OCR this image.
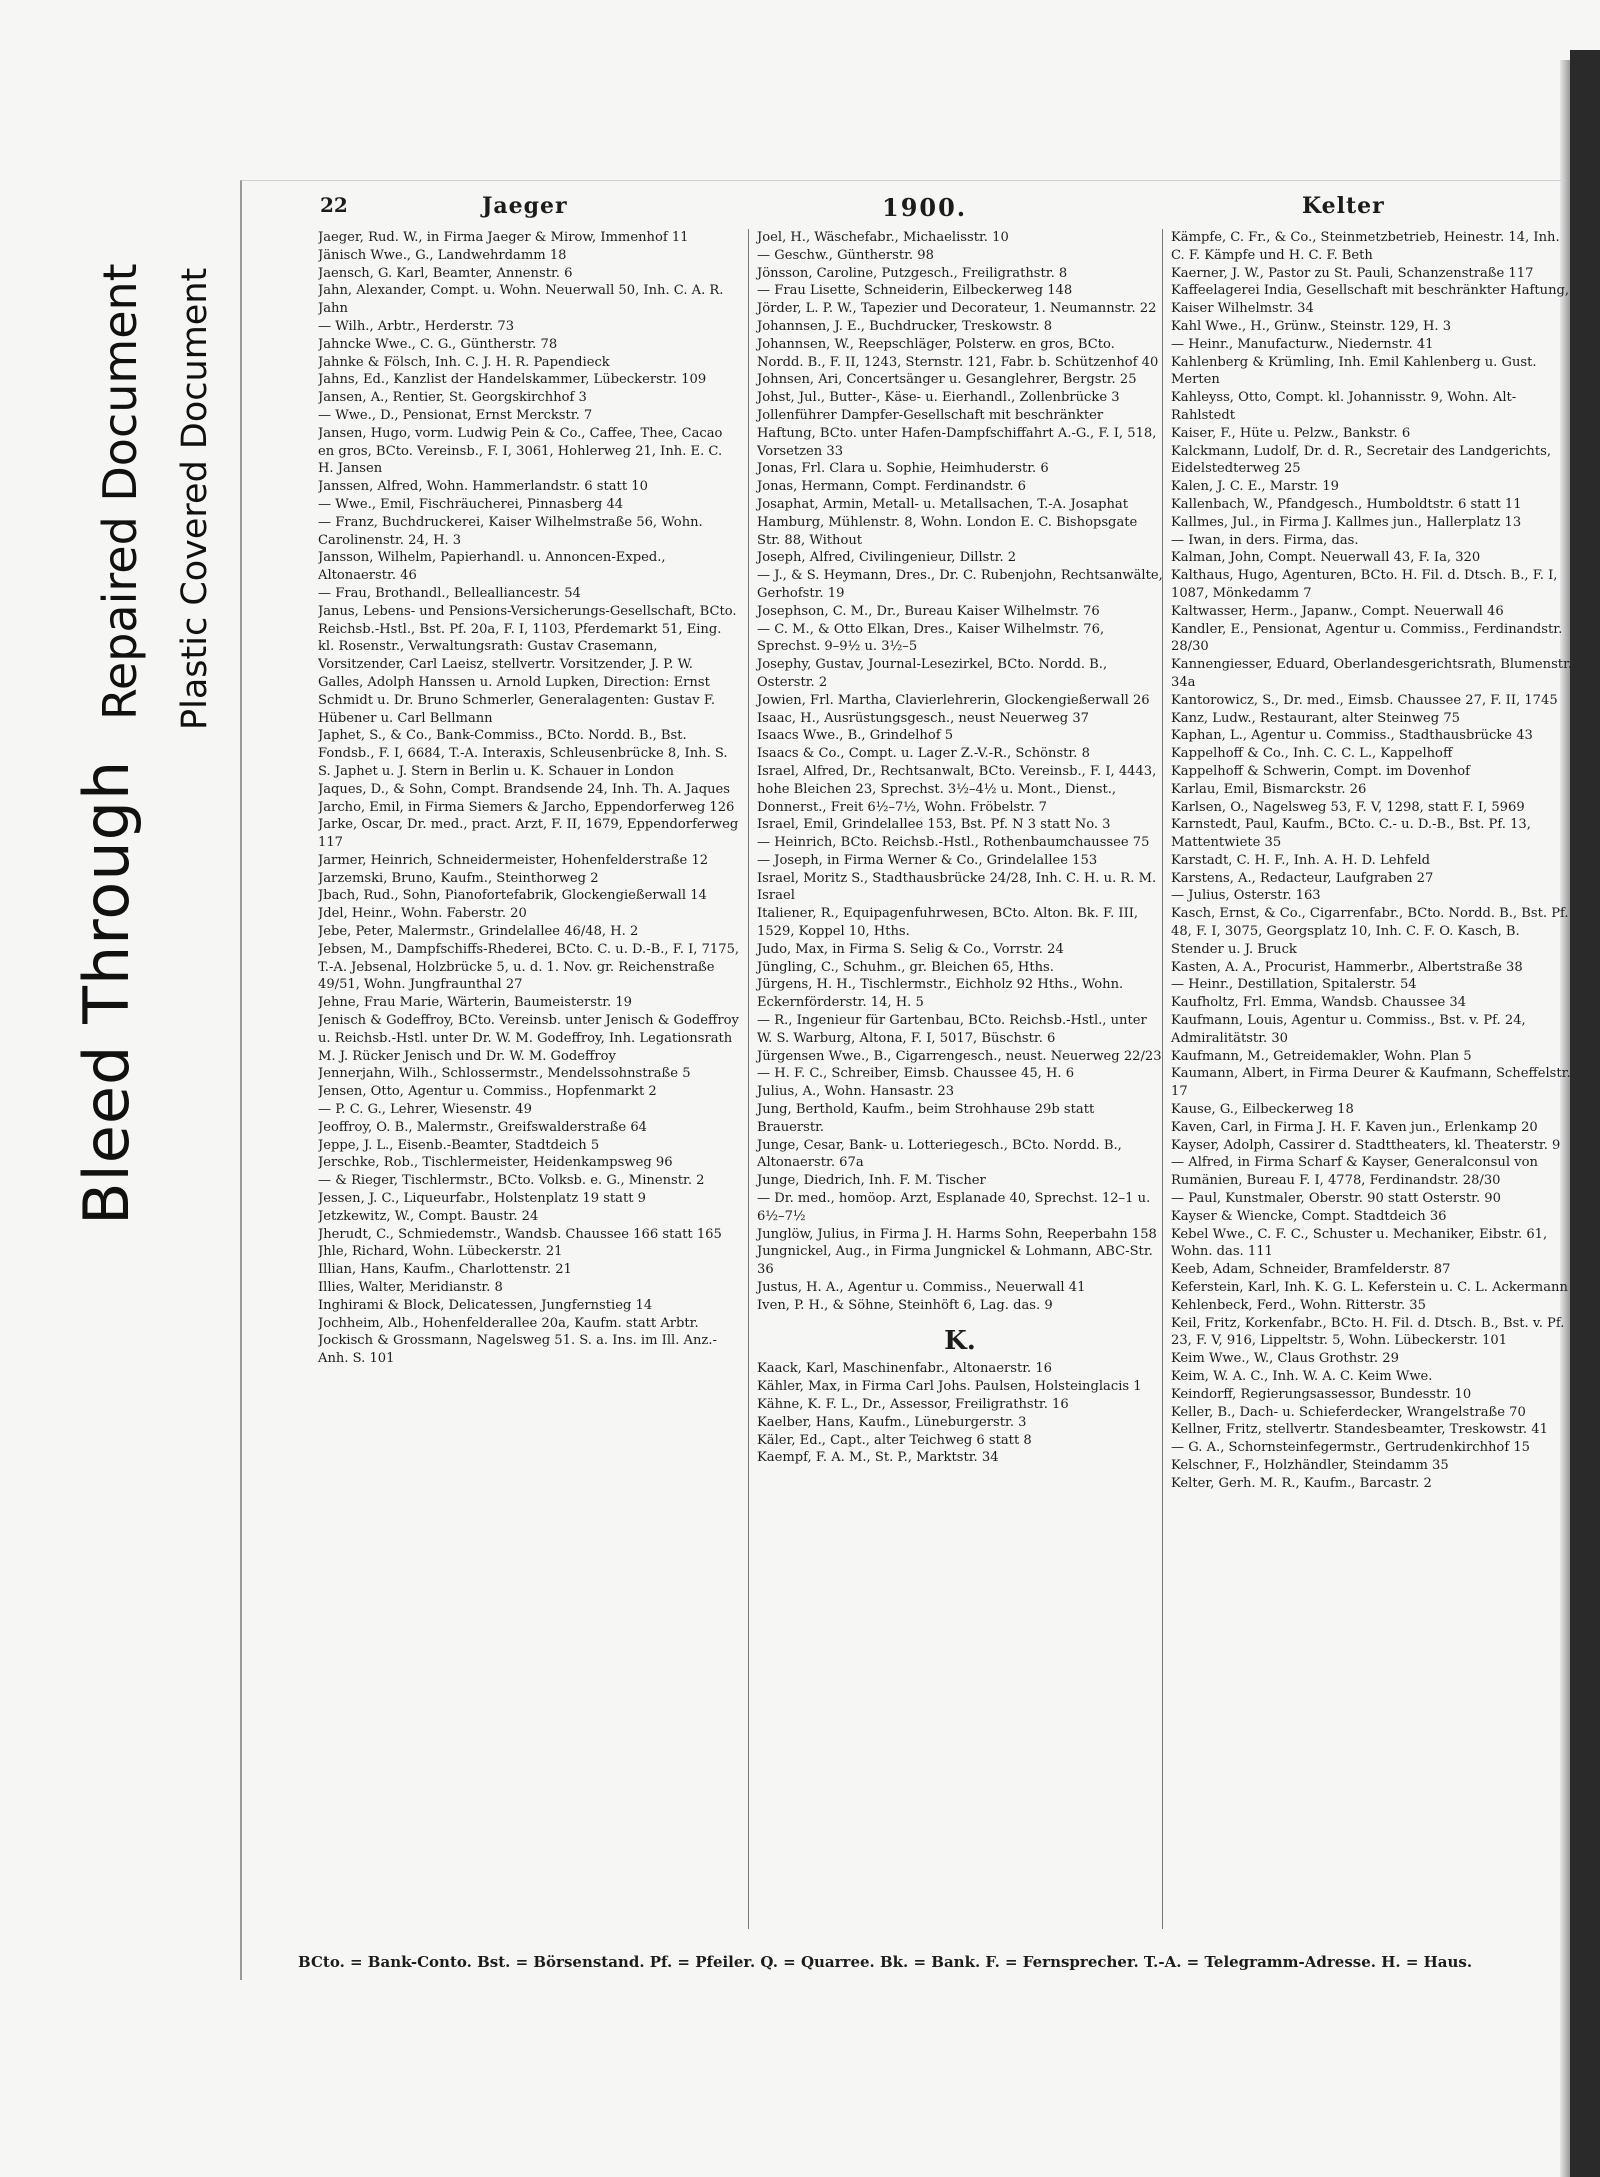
Bleed Through
Repaired Document Plastic Covered Document
22	Jaeger	1900.	Kelter

Jaeger, Rud. W., in Firma Jaeger & Mirow, Immenhof 11

Jänisch Wwe., G., Landwehrdamm 18

Jaensch, G. Karl, Beamter, Annenstr. 6

Jahn, Alexander, Compt. u. Wohn. Neuerwall 50, Inh. C. A. R. Jahn

— Wilh., Arbtr., Herderstr. 73

Jahncke Wwe., C. G., Güntherstr. 78

Jahnke & Fölsch, Inh. C. J. H. R. Papendieck

Jahns, Ed., Kanzlist der Handelskammer, Lübeckerstr. 109

Jansen, A., Rentier, St. Georgskirchhof 3

— Wwe., D., Pensionat, Ernst Merckstr. 7

Jansen, Hugo, vorm. Ludwig Pein & Co., Caffee, Thee, Cacao en gros, BCto. Vereinsb., F. I, 3061, Hohlerweg 21, Inh. E. C. H. Jansen

Janssen, Alfred, Wohn. Hammerlandstr. 6 statt 10

— Wwe., Emil, Fischräucherei, Pinnasberg 44

— Franz, Buchdruckerei, Kaiser Wilhelmstraße 56, Wohn. Carolinenstr. 24, H. 3

Jansson, Wilhelm, Papierhandl. u. Annoncen-Exped., Altonaerstr. 46

— Frau, Brothandl., Bellealliancestr. 54

Janus, Lebens- und Pensions-Versicherungs-Gesellschaft, BCto. Reichsb.-Hstl., Bst. Pf. 20a, F. I, 1103, Pferdemarkt 51, Eing. kl. Rosenstr., Verwaltungsrath: Gustav Crasemann, Vorsitzender, Carl Laeisz, stellvertr. Vorsitzender, J. P. W. Galles, Adolph Hanssen u. Arnold Lupken, Direction: Ernst Schmidt u. Dr. Bruno Schmerler, Generalagenten: Gustav F. Hübener u. Carl Bellmann

Japhet, S., & Co., Bank-Commiss., BCto. Nordd. B., Bst. Fondsb., F. I, 6684, T.-A. Interaxis, Schleusenbrücke 8, Inh. S. S. Japhet u. J. Stern in Berlin u. K. Schauer in London

Jaques, D., & Sohn, Compt. Brandsende 24, Inh. Th. A. Jaques

Jarcho, Emil, in Firma Siemers & Jarcho, Eppendorferweg 126

Jarke, Oscar, Dr. med., pract. Arzt, F. II, 1679, Eppendorferweg 117

Jarmer, Heinrich, Schneidermeister, Hohenfelderstraße 12

Jarzemski, Bruno, Kaufm., Steinthorweg 2

Jbach, Rud., Sohn, Pianofortefabrik, Glockengießerwall 14

Jdel, Heinr., Wohn. Faberstr. 20

Jebe, Peter, Malermstr., Grindelallee 46/48, H. 2

Jebsen, M., Dampfschiffs-Rhederei, BCto. C. u. D.-B., F. I, 7175, T.-A. Jebsenal, Holzbrücke 5, u. d. 1. Nov. gr. Reichenstraße 49/51, Wohn. Jungfraunthal 27

Jehne, Frau Marie, Wärterin, Baumeisterstr. 19

Jenisch & Godeffroy, BCto. Vereinsb. unter Jenisch & Godeffroy u. Reichsb.-Hstl. unter Dr. W. M. Godeffroy, Inh. Legationsrath M. J. Rücker Jenisch und Dr. W. M. Godeffroy

Jennerjahn, Wilh., Schlossermstr., Mendelssohnstraße 5

Jensen, Otto, Agentur u. Commiss., Hopfenmarkt 2

— P. C. G., Lehrer, Wiesenstr. 49

Jeoffroy, O. B., Malermstr., Greifswalderstraße 64

Jeppe, J. L., Eisenb.-Beamter, Stadtdeich 5

Jerschke, Rob., Tischlermeister, Heidenkampsweg 96

— & Rieger, Tischlermstr., BCto. Volksb. e. G., Minenstr. 2

Jessen, J. C., Liqueurfabr., Holstenplatz 19 statt 9

Jetzkewitz, W., Compt. Baustr. 24

Jherudt, C., Schmiedemstr., Wandsb. Chaussee 166 statt 165

Jhle, Richard, Wohn. Lübeckerstr. 21

Illian, Hans, Kaufm., Charlottenstr. 21

Illies, Walter, Meridianstr. 8

Inghirami & Block, Delicatessen, Jungfernstieg 14

Jochheim, Alb., Hohenfelderallee 20a, Kaufm. statt Arbtr.

Jockisch & Grossmann, Nagelsweg 51. S. a. Ins. im Ill. Anz.-Anh. S. 101

Joel, H., Wäschefabr., Michaelisstr. 10

— Geschw., Güntherstr. 98

Jönsson, Caroline, Putzgesch., Freiligrathstr. 8

— Frau Lisette, Schneiderin, Eilbeckerweg 148

Jörder, L. P. W., Tapezier und Decorateur, 1. Neumannstr. 22

Johannsen, J. E., Buchdrucker, Treskowstr. 8

Johannsen, W., Reepschläger, Polsterw. en gros, BCto. Nordd. B., F. II, 1243, Sternstr. 121, Fabr. b. Schützenhof 40

Johnsen, Ari, Concertsänger u. Gesanglehrer, Bergstr. 25

Johst, Jul., Butter-, Käse- u. Eierhandl., Zollenbrücke 3

Jollenführer Dampfer-Gesellschaft mit beschränkter Haftung, BCto. unter Hafen-Dampfschiffahrt A.-G., F. I, 518, Vorsetzen 33

Jonas, Frl. Clara u. Sophie, Heimhuderstr. 6

Jonas, Hermann, Compt. Ferdinandstr. 6

Josaphat, Armin, Metall- u. Metallsachen, T.-A. Josaphat Hamburg, Mühlenstr. 8, Wohn. London E. C. Bishopsgate Str. 88, Without

Joseph, Alfred, Civilingenieur, Dillstr. 2

— J., & S. Heymann, Dres., Dr. C. Rubenjohn, Rechtsanwälte, Gerhofstr. 19

Josephson, C. M., Dr., Bureau Kaiser Wilhelmstr. 76

— C. M., & Otto Elkan, Dres., Kaiser Wilhelmstr. 76, Sprechst. 9–9½ u. 3½–5

Josephy, Gustav, Journal-Lesezirkel, BCto. Nordd. B., Osterstr. 2

Jowien, Frl. Martha, Clavierlehrerin, Glockengießerwall 26

Isaac, H., Ausrüstungsgesch., neust Neuerweg 37

Isaacs Wwe., B., Grindelhof 5

Isaacs & Co., Compt. u. Lager Z.-V.-R., Schönstr. 8

Israel, Alfred, Dr., Rechtsanwalt, BCto. Vereinsb., F. I, 4443, hohe Bleichen 23, Sprechst. 3½–4½ u. Mont., Dienst., Donnerst., Freit 6½–7½, Wohn. Fröbelstr. 7

Israel, Emil, Grindelallee 153, Bst. Pf. N 3 statt No. 3

— Heinrich, BCto. Reichsb.-Hstl., Rothenbaumchaussee 75

— Joseph, in Firma Werner & Co., Grindelallee 153

Israel, Moritz S., Stadthausbrücke 24/28, Inh. C. H. u. R. M. Israel

Italiener, R., Equipagenfuhrwesen, BCto. Alton. Bk. F. III, 1529, Koppel 10, Hths.

Judo, Max, in Firma S. Selig & Co., Vorrstr. 24

Jüngling, C., Schuhm., gr. Bleichen 65, Hths.

Jürgens, H. H., Tischlermstr., Eichholz 92 Hths., Wohn. Eckernförderstr. 14, H. 5

— R., Ingenieur für Gartenbau, BCto. Reichsb.-Hstl., unter W. S. Warburg, Altona, F. I, 5017, Büschstr. 6

Jürgensen Wwe., B., Cigarrengesch., neust. Neuerweg 22/23

— H. F. C., Schreiber, Eimsb. Chaussee 45, H. 6

Julius, A., Wohn. Hansastr. 23

Jung, Berthold, Kaufm., beim Strohhause 29b statt Brauerstr.

Junge, Cesar, Bank- u. Lotteriegesch., BCto. Nordd. B., Altonaerstr. 67a

Junge, Diedrich, Inh. F. M. Tischer

— Dr. med., homöop. Arzt, Esplanade 40, Sprechst. 12–1 u. 6½–7½

Junglöw, Julius, in Firma J. H. Harms Sohn, Reeperbahn 158

Jungnickel, Aug., in Firma Jungnickel & Lohmann, ABC-Str. 36

Justus, H. A., Agentur u. Commiss., Neuerwall 41

Iven, P. H., & Söhne, Steinhöft 6, Lag. das. 9

K.

Kaack, Karl, Maschinenfabr., Altonaerstr. 16

Kähler, Max, in Firma Carl Johs. Paulsen, Holsteinglacis 1

Kähne, K. F. L., Dr., Assessor, Freiligrathstr. 16

Kaelber, Hans, Kaufm., Lüneburgerstr. 3

Käler, Ed., Capt., alter Teichweg 6 statt 8

Kaempf, F. A. M., St. P., Marktstr. 34

Kämpfe, C. Fr., & Co., Steinmetzbetrieb, Heinestr. 14, Inh. C. F. Kämpfe und H. C. F. Beth

Kaerner, J. W., Pastor zu St. Pauli, Schanzenstraße 117

Kaffeelagerei India, Gesellschaft mit beschränkter Haftung, Kaiser Wilhelmstr. 34

Kahl Wwe., H., Grünw., Steinstr. 129, H. 3

— Heinr., Manufacturw., Niedernstr. 41

Kahlenberg & Krümling, Inh. Emil Kahlenberg u. Gust. Merten

Kahleyss, Otto, Compt. kl. Johannisstr. 9, Wohn. Alt-Rahlstedt

Kaiser, F., Hüte u. Pelzw., Bankstr. 6

Kalckmann, Ludolf, Dr. d. R., Secretair des Landgerichts, Eidelstedterweg 25

Kalen, J. C. E., Marstr. 19

Kallenbach, W., Pfandgesch., Humboldtstr. 6 statt 11

Kallmes, Jul., in Firma J. Kallmes jun., Hallerplatz 13

— Iwan, in ders. Firma, das.

Kalman, John, Compt. Neuerwall 43, F. Ia, 320

Kalthaus, Hugo, Agenturen, BCto. H. Fil. d. Dtsch. B., F. I, 1087, Mönkedamm 7

Kaltwasser, Herm., Japanw., Compt. Neuerwall 46

Kandler, E., Pensionat, Agentur u. Commiss., Ferdinandstr. 28/30

Kannengiesser, Eduard, Oberlandesgerichtsrath, Blumenstr. 34a

Kantorowicz, S., Dr. med., Eimsb. Chaussee 27, F. II, 1745

Kanz, Ludw., Restaurant, alter Steinweg 75

Kaphan, L., Agentur u. Commiss., Stadthausbrücke 43

Kappelhoff & Co., Inh. C. C. L., Kappelhoff

Kappelhoff & Schwerin, Compt. im Dovenhof

Karlau, Emil, Bismarckstr. 26

Karlsen, O., Nagelsweg 53, F. V, 1298, statt F. I, 5969

Karnstedt, Paul, Kaufm., BCto. C.- u. D.-B., Bst. Pf. 13, Mattentwiete 35

Karstadt, C. H. F., Inh. A. H. D. Lehfeld

Karstens, A., Redacteur, Laufgraben 27

— Julius, Osterstr. 163

Kasch, Ernst, & Co., Cigarrenfabr., BCto. Nordd. B., Bst. Pf. 48, F. I, 3075, Georgsplatz 10, Inh. C. F. O. Kasch, B. Stender u. J. Bruck

Kasten, A. A., Procurist, Hammerbr., Albertstraße 38

— Heinr., Destillation, Spitalerstr. 54

Kaufholtz, Frl. Emma, Wandsb. Chaussee 34

Kaufmann, Louis, Agentur u. Commiss., Bst. v. Pf. 24, Admiralitätstr. 30

Kaufmann, M., Getreidemakler, Wohn. Plan 5

Kaumann, Albert, in Firma Deurer & Kaufmann, Scheffelstr. 17

Kause, G., Eilbeckerweg 18

Kaven, Carl, in Firma J. H. F. Kaven jun., Erlenkamp 20

Kayser, Adolph, Cassirer d. Stadttheaters, kl. Theaterstr. 9

— Alfred, in Firma Scharf & Kayser, Generalconsul von Rumänien, Bureau F. I, 4778, Ferdinandstr. 28/30

— Paul, Kunstmaler, Oberstr. 90 statt Osterstr. 90

Kayser & Wiencke, Compt. Stadtdeich 36

Kebel Wwe., C. F. C., Schuster u. Mechaniker, Eibstr. 61, Wohn. das. 111

Keeb, Adam, Schneider, Bramfelderstr. 87

Keferstein, Karl, Inh. K. G. L. Keferstein u. C. L. Ackermann

Kehlenbeck, Ferd., Wohn. Ritterstr. 35

Keil, Fritz, Korkenfabr., BCto. H. Fil. d. Dtsch. B., Bst. v. Pf. 23, F. V, 916, Lippeltstr. 5, Wohn. Lübeckerstr. 101

Keim Wwe., W., Claus Grothstr. 29

Keim, W. A. C., Inh. W. A. C. Keim Wwe.

Keindorff, Regierungsassessor, Bundesstr. 10

Keller, B., Dach- u. Schieferdecker, Wrangelstraße 70

Kellner, Fritz, stellvertr. Standesbeamter, Treskowstr. 41

— G. A., Schornsteinfegermstr., Gertrudenkirchhof 15

Kelschner, F., Holzhändler, Steindamm 35

Kelter, Gerh. M. R., Kaufm., Barcastr. 2

BCto. = Bank-Conto. Bst. = Börsenstand. Pf. = Pfeiler. Q. = Quarree. Bk. = Bank. F. = Fernsprecher. T.-A. = Telegramm-Adresse. H. = Haus.
